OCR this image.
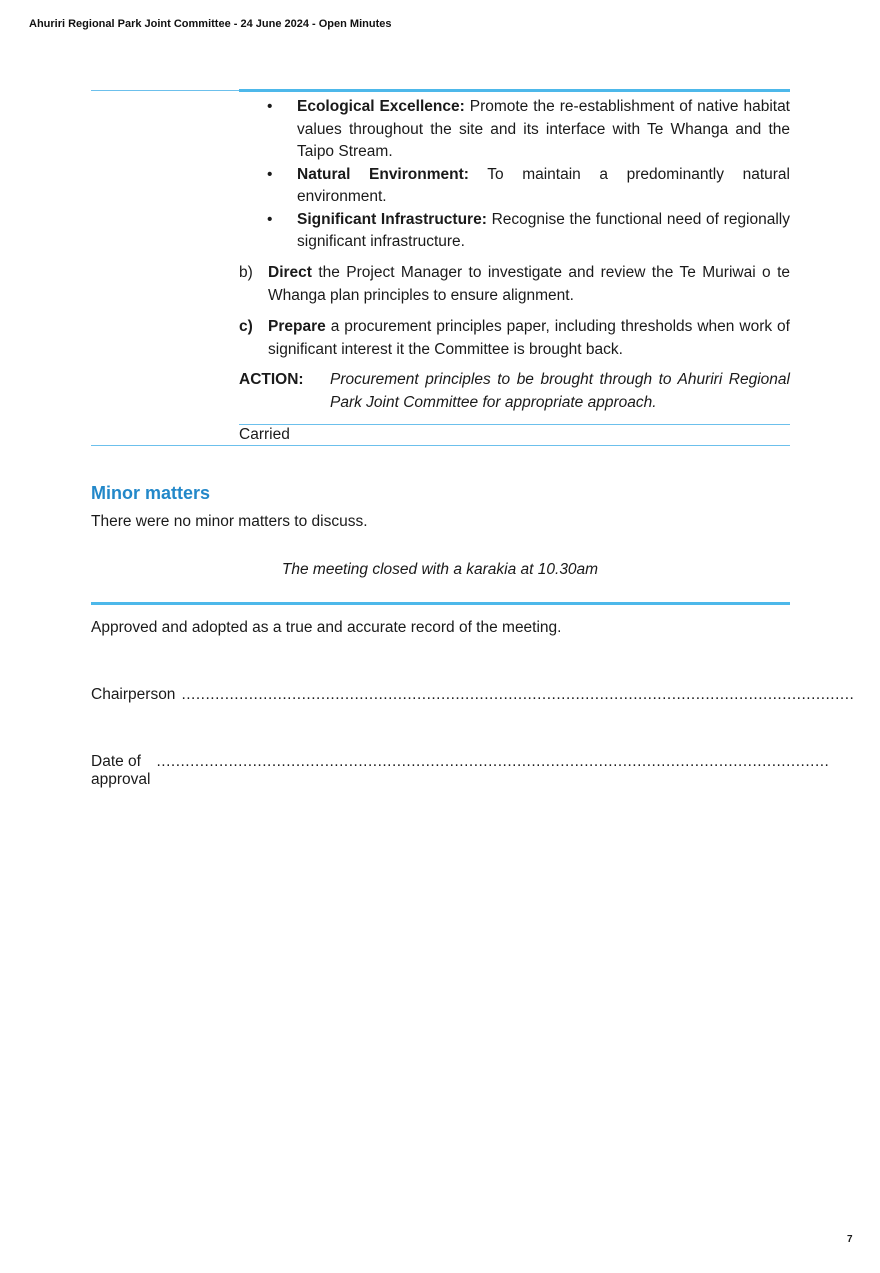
Ahuriri Regional Park Joint Committee - 24 June 2024 - Open Minutes
• Ecological Excellence: Promote the re-establishment of native habitat values throughout the site and its interface with Te Whanga and the Taipo Stream.
• Natural Environment: To maintain a predominantly natural environment.
• Significant Infrastructure: Recognise the functional need of regionally significant infrastructure.
b) Direct the Project Manager to investigate and review the Te Muriwai o te Whanga plan principles to ensure alignment.
c) Prepare a procurement principles paper, including thresholds when work of significant interest it the Committee is brought back.
ACTION: Procurement principles to be brought through to Ahuriri Regional Park Joint Committee for appropriate approach.
Carried
Minor matters
There were no minor matters to discuss.
The meeting closed with a karakia at 10.30am
Approved and adopted as a true and accurate record of the meeting.
Chairperson ............................................................................................................................................
Date of approval
............................................................................................................................................
7
